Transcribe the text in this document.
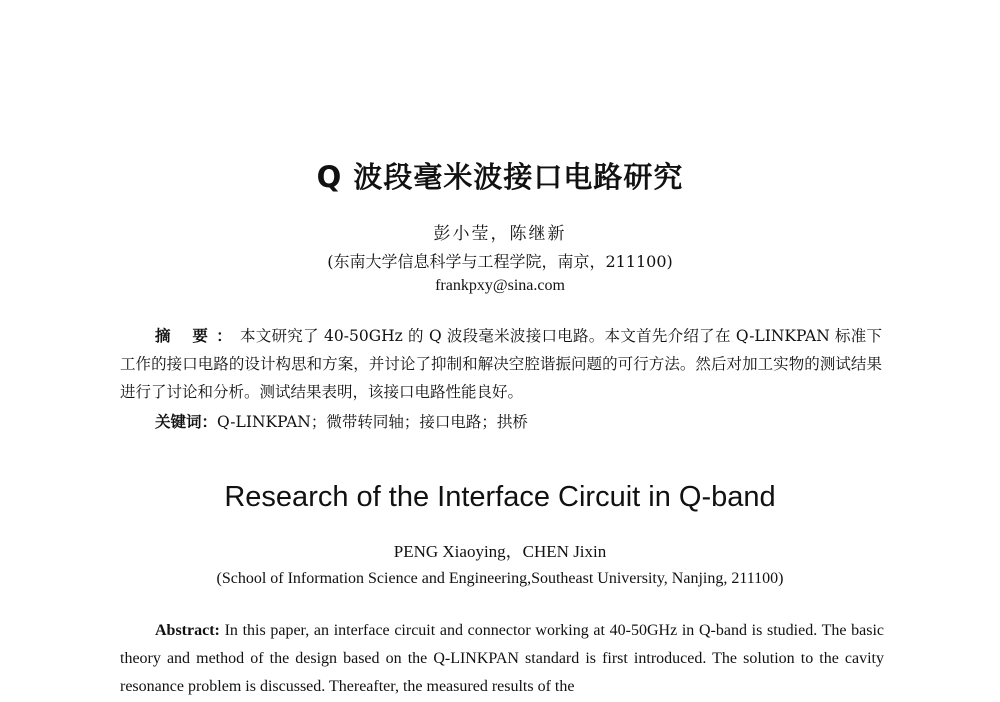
Q 波段毫米波接口电路研究
彭小莹，陈继新
(东南大学信息科学与工程学院，南京，211100)
frankpxy@sina.com
摘 要：本文研究了 40-50GHz 的 Q 波段毫米波接口电路。本文首先介绍了在 Q-LINKPAN 标准下工作的接口电路的设计构思和方案，并讨论了抑制和解决空腔谐振问题的可行方法。然后对加工实物的测试结果进行了讨论和分析。测试结果表明，该接口电路性能良好。
关键词：Q-LINKPAN；微带转同轴；接口电路；拱桥
Research of the Interface Circuit in Q-band
PENG Xiaoying，CHEN Jixin
(School of Information Science and Engineering,Southeast University, Nanjing, 211100)
Abstract: In this paper, an interface circuit and connector working at 40-50GHz in Q-band is studied. The basic theory and method of the design based on the Q-LINKPAN standard is first introduced. The solution to the cavity resonance problem is discussed. Thereafter, the measured results of the
